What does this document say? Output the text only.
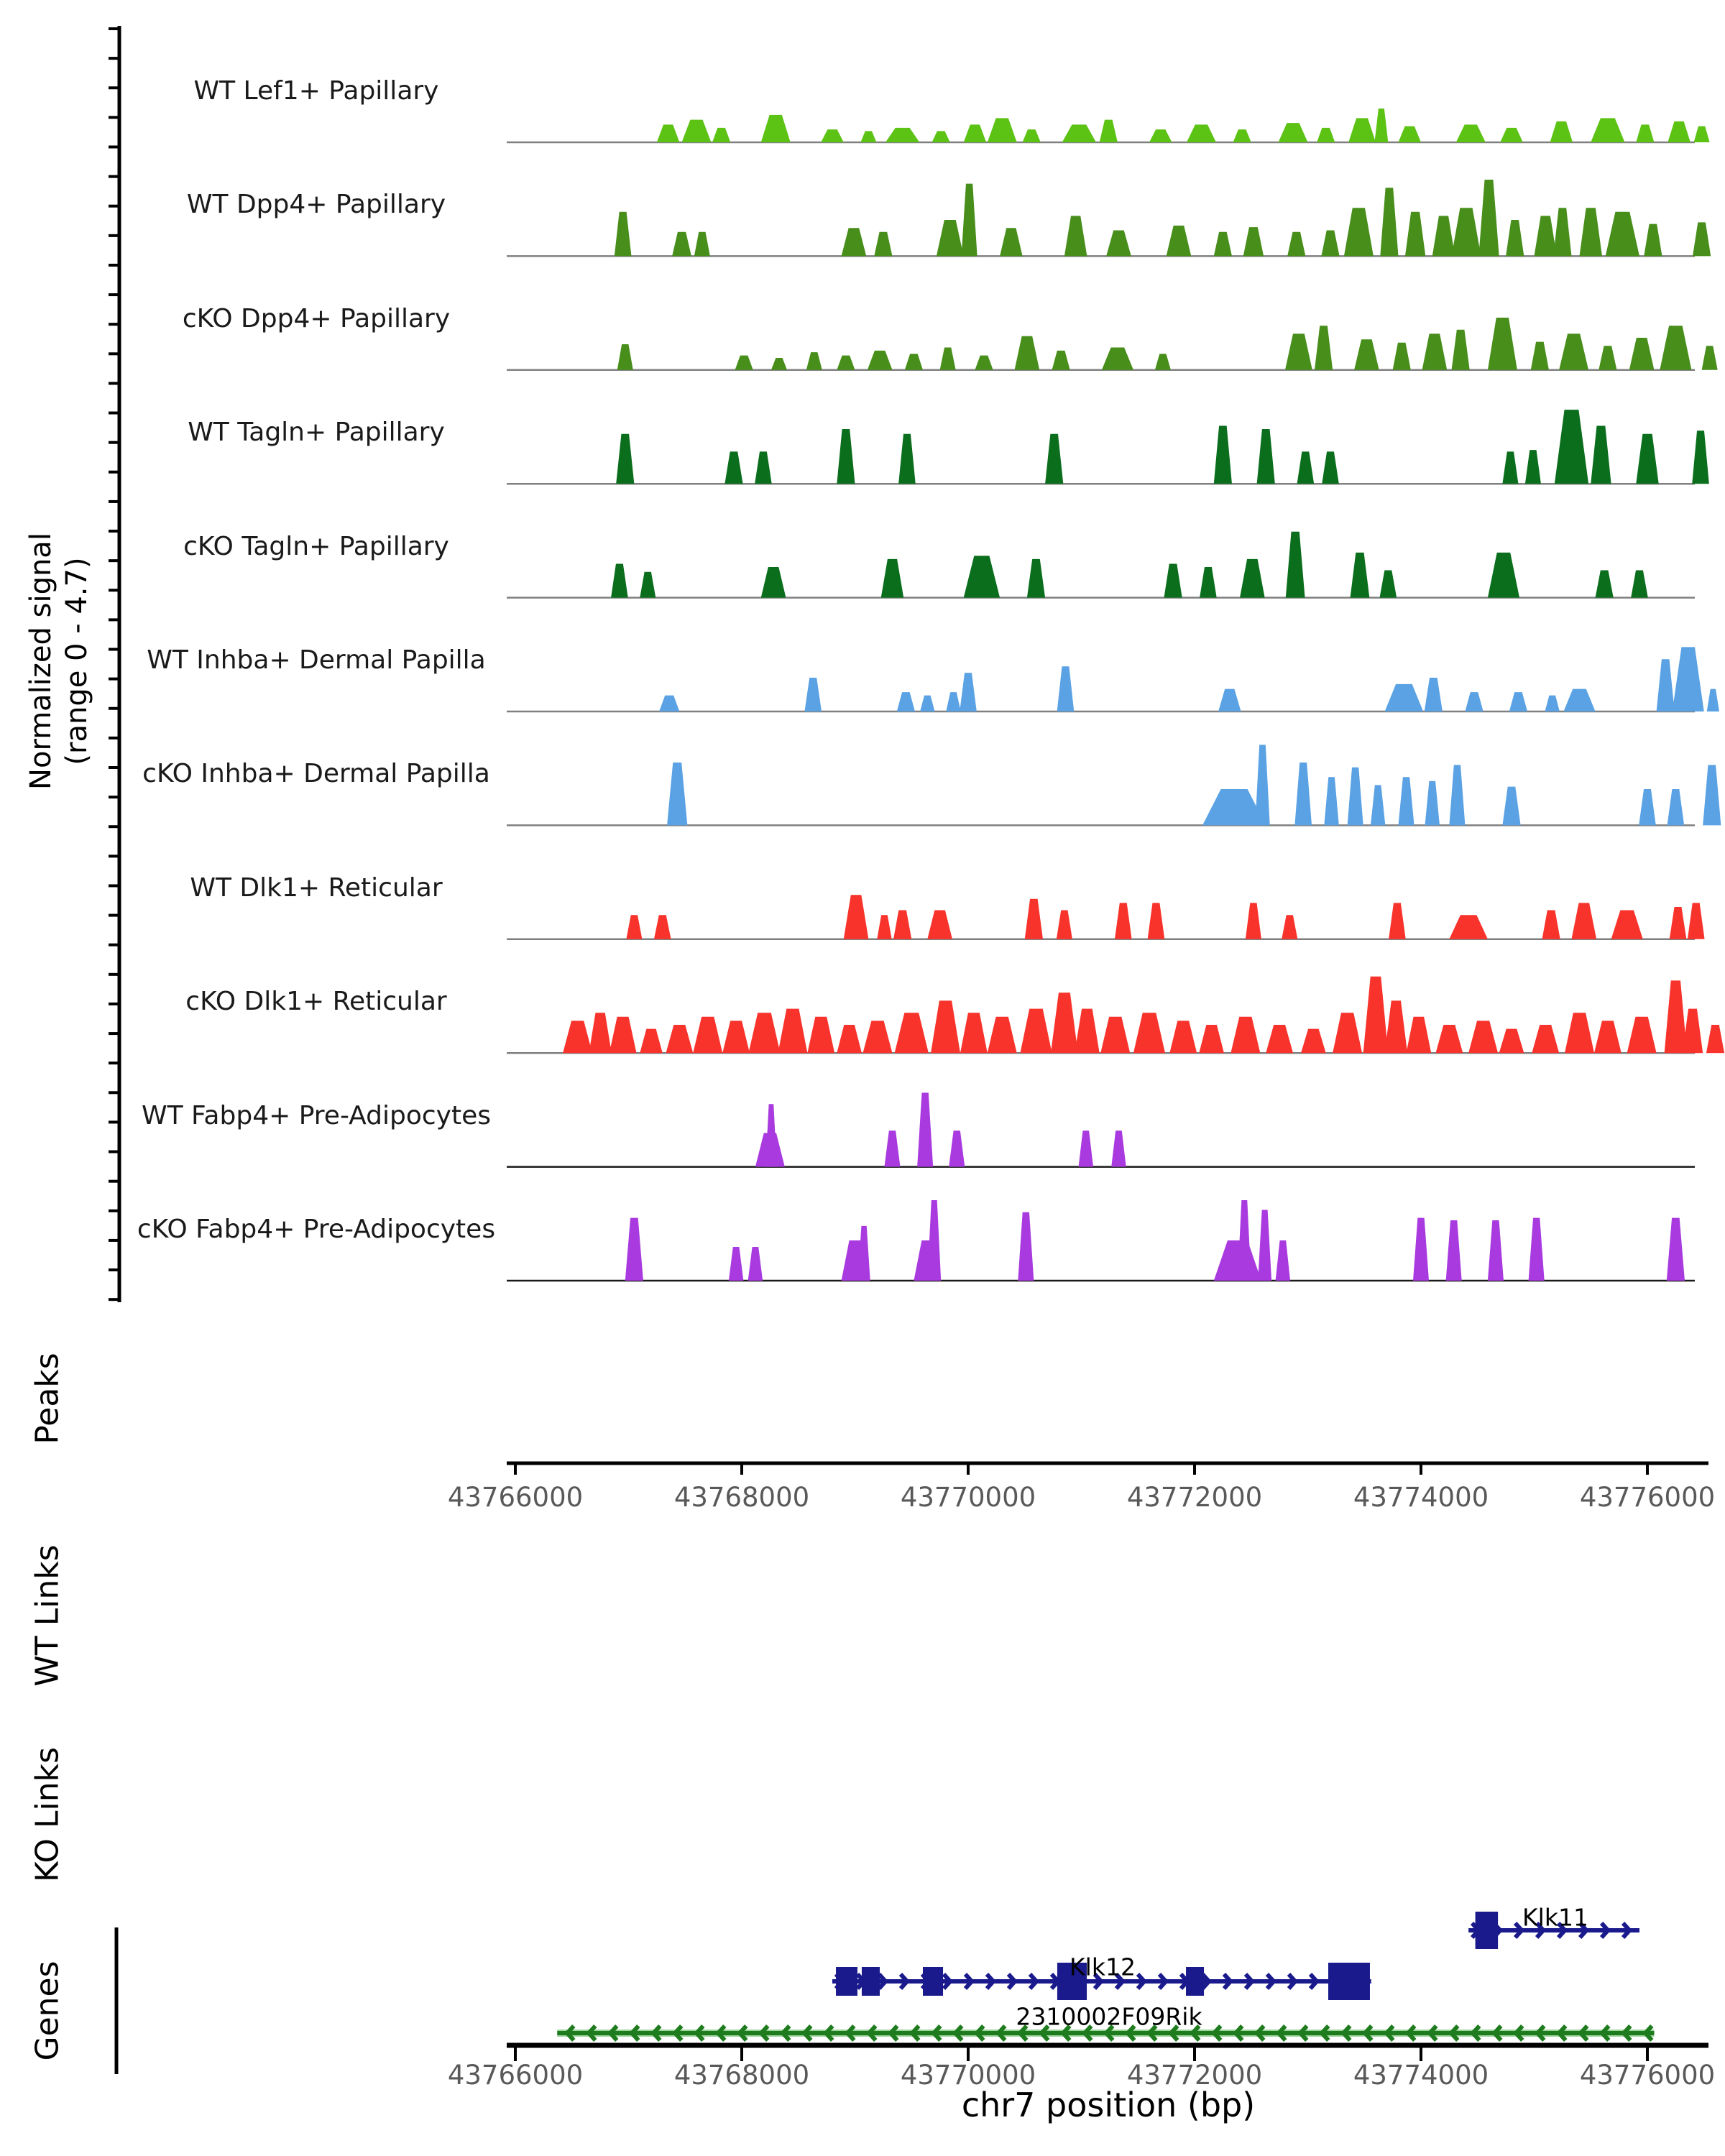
Normalized signal (range 0 - 4.7)
Peaks
WT Links
KO Links
Genes
WT Lef1+ Papillary
WT Dpp4+ Papillary
cKO Dpp4+ Papillary
WT Tagln+ Papillary
cKO Tagln+ Papillary
WT Inhba+ Dermal Papilla
cKO Inhba+ Dermal Papilla
WT Dlk1+ Reticular
cKO Dlk1+ Reticular
WT Fabp4+ Pre-Adipocytes
cKO Fabp4+ Pre-Adipocytes
43766000	43768000	43770000	43772000	43774000	43776000
Klk11
Klk12
2310002F09Rik
43766000	43768000	43770000	43772000	43774000	43776000
chr7 position (bp)
